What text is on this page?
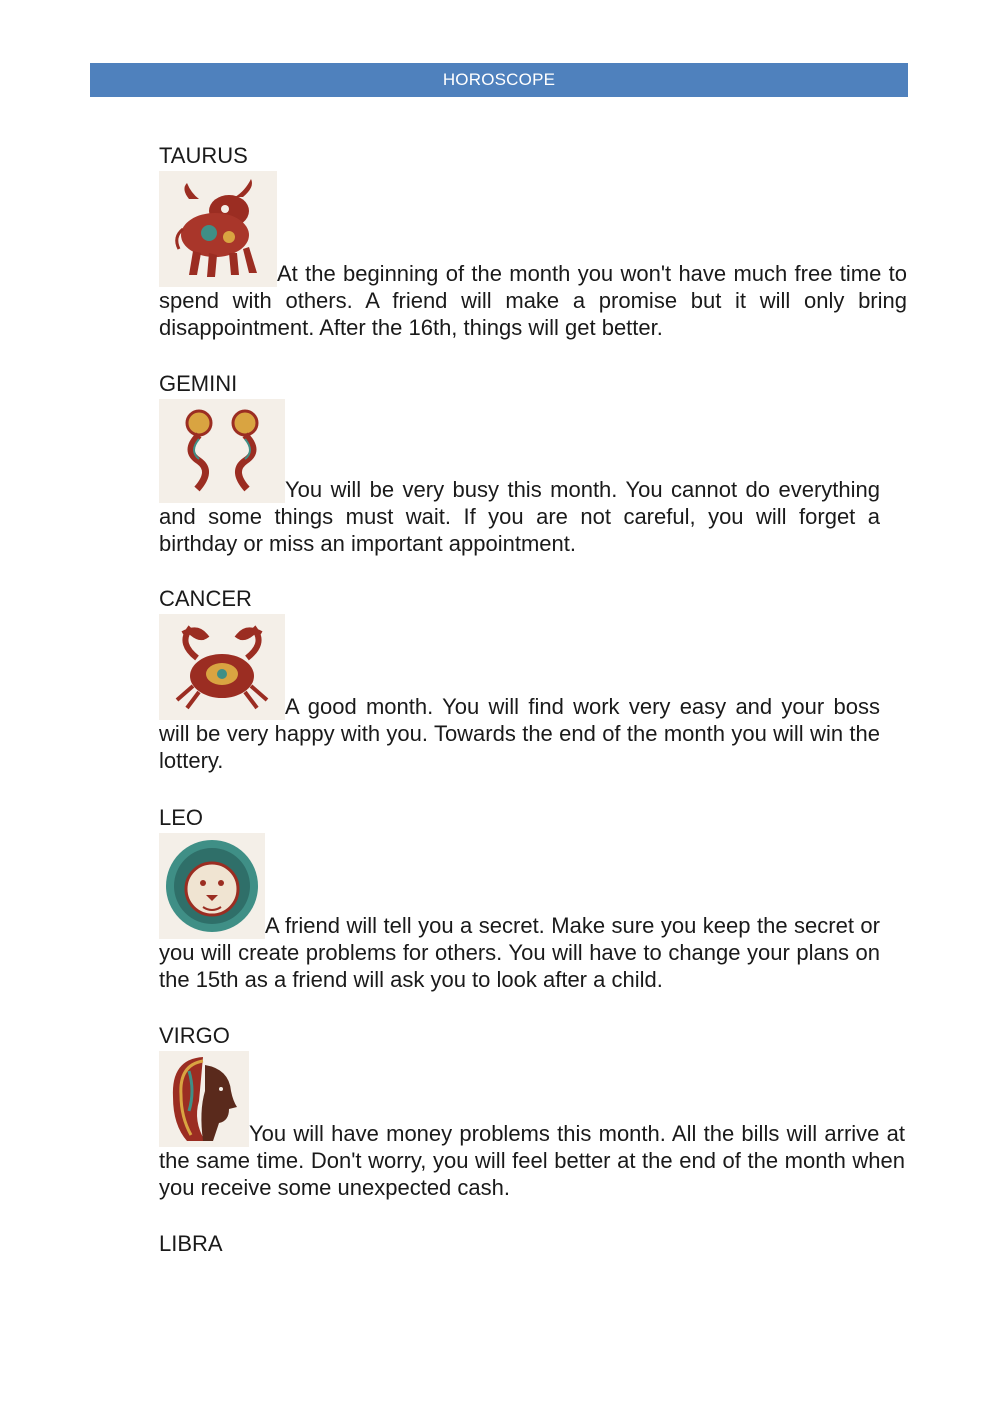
HOROSCOPE
TAURUS

At the beginning of the month you won't have much free time to spend with others. A friend will make a promise but it will only bring disappointment. After the 16th, things will get better.

GEMINI

You will be very busy this month. You cannot do everything and some things must wait. If you are not careful, you will forget a birthday or miss an important appointment.

CANCER

A good month. You will find work very easy and your boss will be very happy with you. Towards the end of the month you will win the lottery.

LEO

A friend will tell you a secret. Make sure you keep the secret or you will create problems for others. You will have to change your plans on the 15th as a friend will ask you to look after a child.

VIRGO

You will have money problems this month. All the bills will arrive at the same time. Don't worry, you will feel better at the end of the month when you receive some unexpected cash.

LIBRA
